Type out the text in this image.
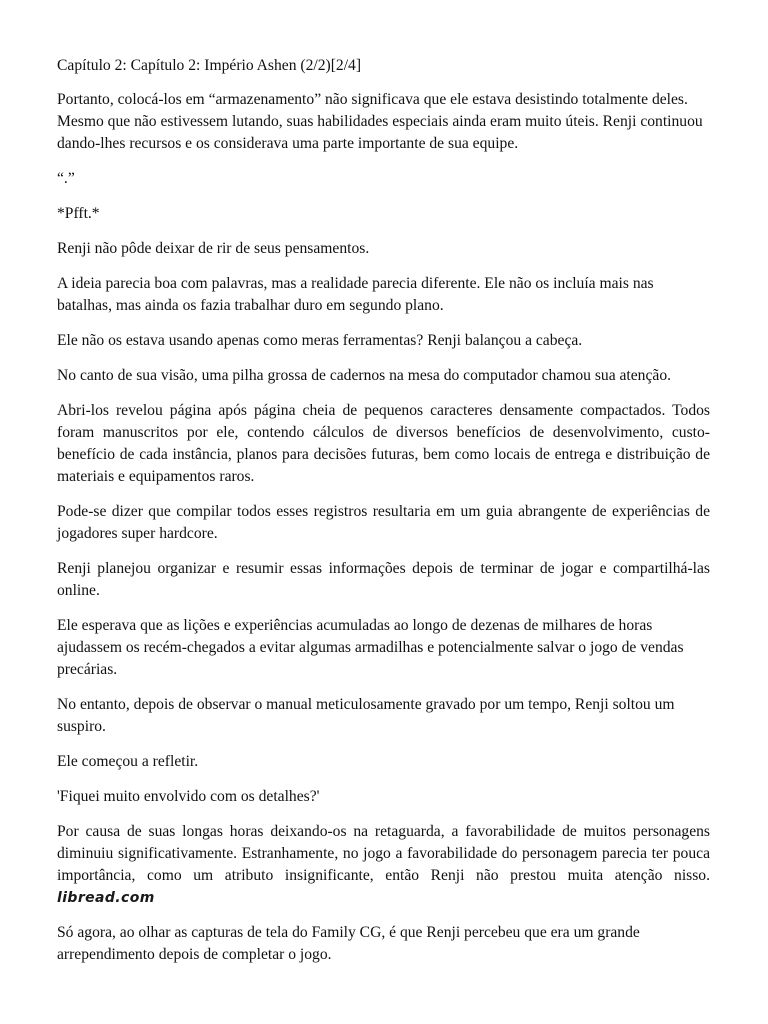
Capítulo 2: Capítulo 2: Império Ashen (2/2)[2/4]

Portanto, colocá-los em “armazenamento” não significava que ele estava desistindo totalmente deles. Mesmo que não estivessem lutando, suas habilidades especiais ainda eram muito úteis. Renji continuou dando-lhes recursos e os considerava uma parte importante de sua equipe.

“.”

*Pfft.*

Renji não pôde deixar de rir de seus pensamentos.

A ideia parecia boa com palavras, mas a realidade parecia diferente. Ele não os incluía mais nas batalhas, mas ainda os fazia trabalhar duro em segundo plano.

Ele não os estava usando apenas como meras ferramentas? Renji balançou a cabeça.

No canto de sua visão, uma pilha grossa de cadernos na mesa do computador chamou sua atenção.

Abri-los revelou página após página cheia de pequenos caracteres densamente compactados. Todos foram manuscritos por ele, contendo cálculos de diversos benefícios de desenvolvimento, custo-benefício de cada instância, planos para decisões futuras, bem como locais de entrega e distribuição de materiais e equipamentos raros.

Pode-se dizer que compilar todos esses registros resultaria em um guia abrangente de experiências de jogadores super hardcore.

Renji planejou organizar e resumir essas informações depois de terminar de jogar e compartilhá-las online.

Ele esperava que as lições e experiências acumuladas ao longo de dezenas de milhares de horas ajudassem os recém-chegados a evitar algumas armadilhas e potencialmente salvar o jogo de vendas precárias.

No entanto, depois de observar o manual meticulosamente gravado por um tempo, Renji soltou um suspiro.

Ele começou a refletir.

'Fiquei muito envolvido com os detalhes?'

Por causa de suas longas horas deixando-os na retaguarda, a favorabilidade de muitos personagens diminuiu significativamente. Estranhamente, no jogo a favorabilidade do personagem parecia ter pouca importância, como um atributo insignificante, então Renji não prestou muita atenção nisso. libread.com

Só agora, ao olhar as capturas de tela do Family CG, é que Renji percebeu que era um grande arrependimento depois de completar o jogo.
